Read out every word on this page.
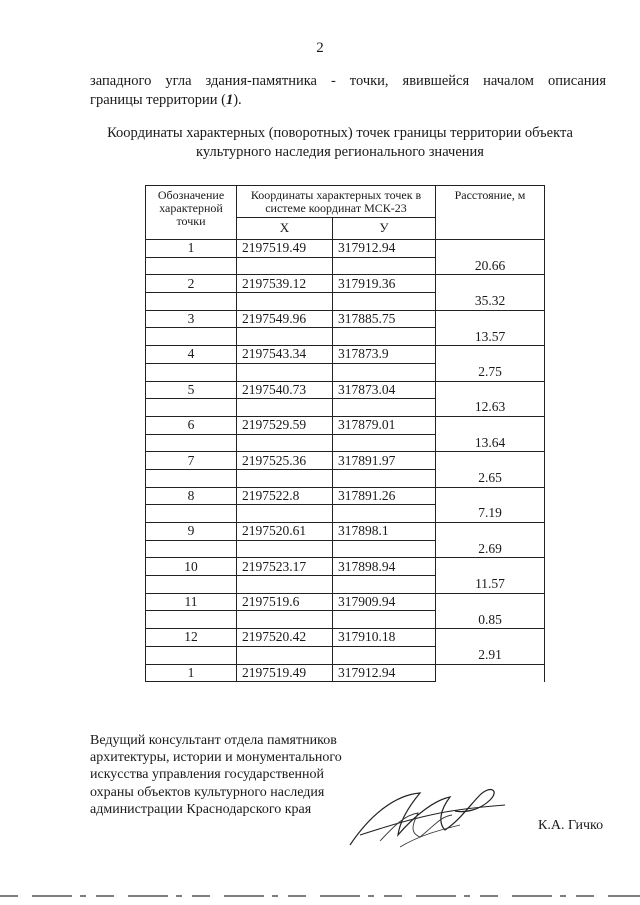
2
западного угла здания-памятника - точки, явившейся началом описания
границы территории (1).
Координаты характерных (поворотных) точек границы территории объекта
культурного наследия регионального значения
Обозначение характерной точки	Координаты характерных точек в системе координат МСК-23		Расстояние, м
	Х	У	
1	2197519.49	317912.94	
			20.66
2	2197539.12	317919.36	
			35.32
3	2197549.96	317885.75	
			13.57
4	2197543.34	317873.9	
			2.75
5	2197540.73	317873.04	
			12.63
6	2197529.59	317879.01	
			13.64
7	2197525.36	317891.97	
			2.65
8	2197522.8	317891.26	
			7.19
9	2197520.61	317898.1	
			2.69
10	2197523.17	317898.94	
			11.57
11	2197519.6	317909.94	
			0.85
12	2197520.42	317910.18	
			2.91
1	2197519.49	317912.94	
Ведущий консультант отдела памятников
архитектуры, истории и монументального
искусства управления государственной
охраны объектов культурного наследия
администрации Краснодарского края
К.А. Гичко
